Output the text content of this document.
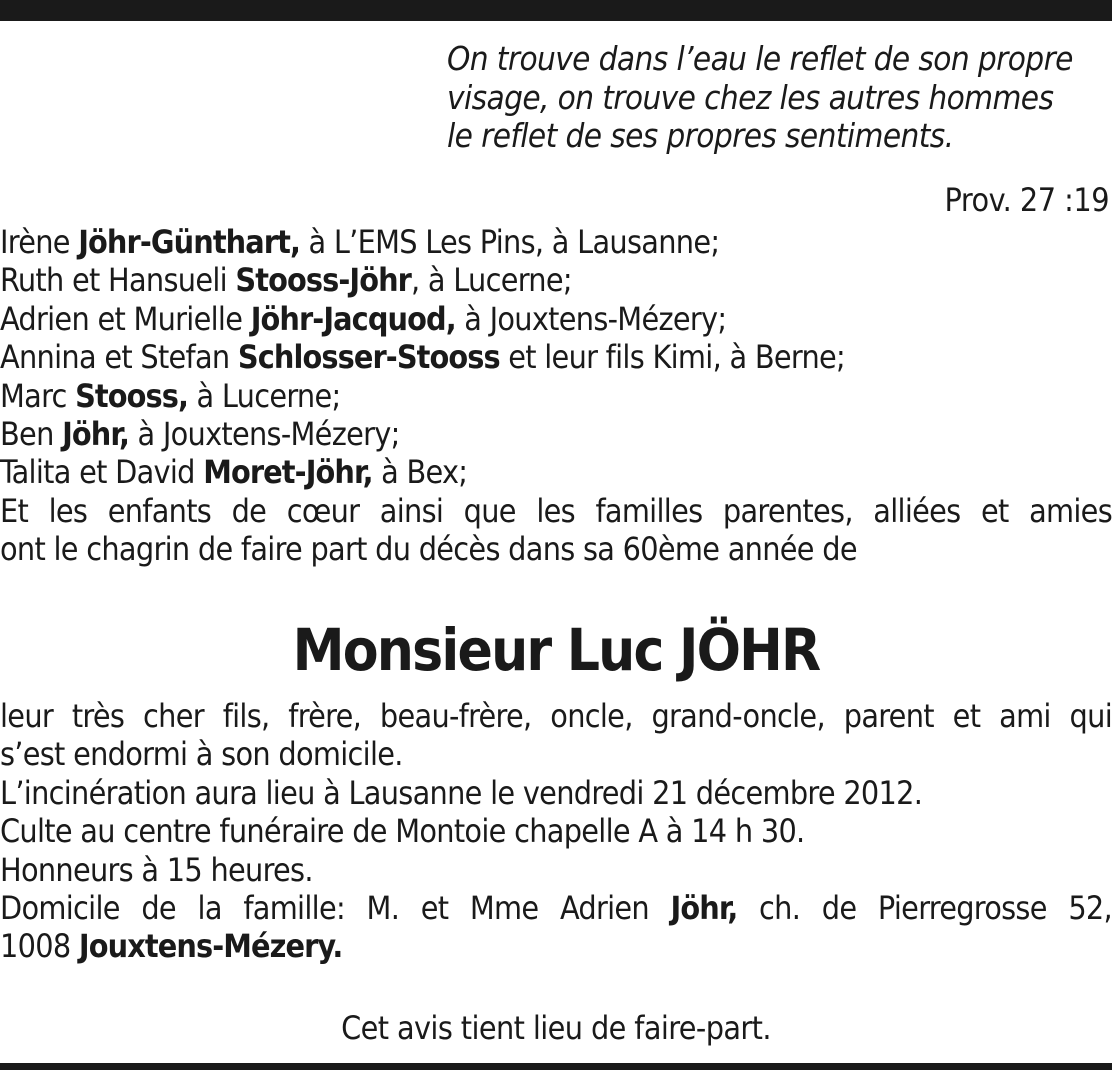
On trouve dans l’eau le reflet de son propre
visage, on trouve chez les autres hommes
le reflet de ses propres sentiments.
Prov. 27 :19
Irène Jöhr-Günthart, à L’EMS Les Pins, à Lausanne;
Ruth et Hansueli Stooss-Jöhr, à Lucerne;
Adrien et Murielle Jöhr-Jacquod, à Jouxtens-Mézery;
Annina et Stefan Schlosser-Stooss et leur fils Kimi, à Berne;
Marc Stooss, à Lucerne;
Ben Jöhr, à Jouxtens-Mézery;
Talita et David Moret-Jöhr, à Bex;
Et les enfants de cœur ainsi que les familles parentes, alliées et amies
ont le chagrin de faire part du décès dans sa 60ème année de
Monsieur Luc JÖHR
leur très cher fils, frère, beau-frère, oncle, grand-oncle, parent et ami qui
s’est endormi à son domicile.
L’incinération aura lieu à Lausanne le vendredi 21 décembre 2012.
Culte au centre funéraire de Montoie chapelle A à 14 h 30.
Honneurs à 15 heures.
Domicile de la famille: M. et Mme Adrien Jöhr, ch. de Pierregrosse 52,
1008 Jouxtens-Mézery.
Cet avis tient lieu de faire-part.
